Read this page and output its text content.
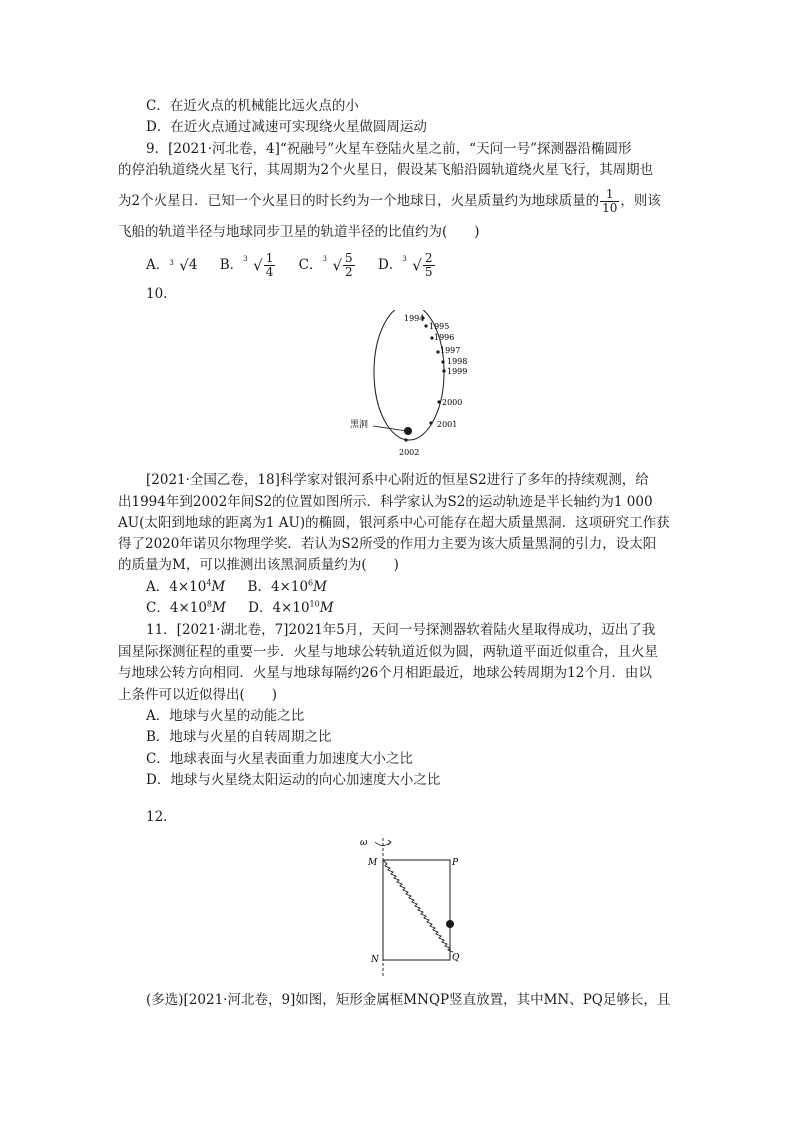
C．在近火点的机械能比远火点的小
D．在近火点通过减速可实现绕火星做圆周运动
9．[2021·河北卷，4]“祝融号”火星车登陆火星之前，“天问一号”探测器沿椭圆形
的停泊轨道绕火星飞行，其周期为2个火星日，假设某飞船沿圆轨道绕火星飞行，其周期也
为2个火星日．已知一个火星日的时长约为一个地球日，火星质量约为地球质量的 $\frac{1}{10}$ ，则该
飞船的轨道半径与地球同步卫星的轨道半径的比值约为(　　)
A． 3 √4 B． 3 √ $\frac{1}{4}$ C． 3 √ $\frac{5}{2}$ D． 3 √ $\frac{2}{5}$
10.
1994
1995
1996
1997
1998
1999
2000
2001
2002
黑洞
[2021·全国乙卷，18]科学家对银河系中心附近的恒星S2进行了多年的持续观测，给
出1994年到2002年间S2的位置如图所示．科学家认为S2的运动轨迹是半长轴约为1 000
AU(太阳到地球的距离为1 AU)的椭圆，银河系中心可能存在超大质量黑洞．这项研究工作获
得了2020年诺贝尔物理学奖．若认为S2所受的作用力主要为该大质量黑洞的引力，设太阳
的质量为M，可以推测出该黑洞质量约为(　　)
A．$4\times 10^4M$ B．$4\times 10^6M$
C．$4\times 10^8M$ D．$4\times 10^{10}M$
11．[2021·湖北卷，7]2021年5月，天问一号探测器软着陆火星取得成功，迈出了我
国星际探测征程的重要一步．火星与地球公转轨道近似为圆，两轨道平面近似重合，且火星
与地球公转方向相同．火星与地球每隔约26个月相距最近，地球公转周期为12个月．由以
上条件可以近似得出(　　)
A．地球与火星的动能之比
B．地球与火星的自转周期之比
C．地球表面与火星表面重力加速度大小之比
D．地球与火星绕太阳运动的向心加速度大小之比
12.
ω
M
N
P
Q
(多选)[2021·河北卷，9]如图，矩形金属框MNQP竖直放置，其中MN、PQ足够长，且
